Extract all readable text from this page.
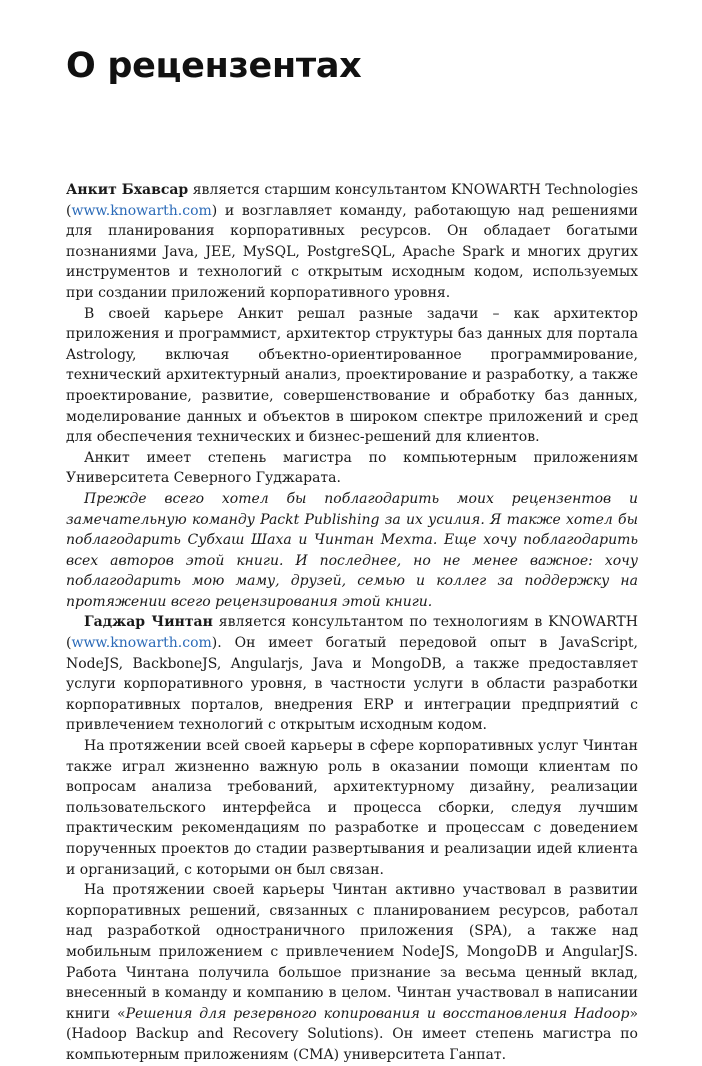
О рецензентах

Анкит Бхавсар является старшим консультантом KNOWARTH Technologies (www.knowarth.com) и возглавляет команду, работающую над решениями для планирования корпоративных ресурсов. Он обладает богатыми познаниями Java, JEE, MySQL, PostgreSQL, Apache Spark и многих других инструментов и технологий с открытым исходным кодом, используемых при создании приложений корпоративного уровня.

В своей карьере Анкит решал разные задачи – как архитектор приложения и программист, архитектор структуры баз данных для портала Astrology, включая объектно-ориентированное программирование, технический архитектурный анализ, проектирование и разработку, а также проектирование, развитие, совершенствование и обработку баз данных, моделирование данных и объектов в широком спектре приложений и сред для обеспечения технических и бизнес-решений для клиентов.

Анкит имеет степень магистра по компьютерным приложениям Университета Северного Гуджарата.

Прежде всего хотел бы поблагодарить моих рецензентов и замечательную команду Packt Publishing за их усилия. Я также хотел бы поблагодарить Субхаш Шаха и Чинтан Мехта. Еще хочу поблагодарить всех авторов этой книги. И последнее, но не менее важное: хочу поблагодарить мою маму, друзей, семью и коллег за поддержку на протяжении всего рецензирования этой книги.

Гаджар Чинтан является консультантом по технологиям в KNOWARTH (www.knowarth.com). Он имеет богатый передовой опыт в JavaScript, NodeJS, BackboneJS, Angularjs, Java и MongoDB, а также предоставляет услуги корпоративного уровня, в частности услуги в области разработки корпоративных порталов, внедрения ERP и интеграции предприятий с привлечением технологий с открытым исходным кодом.

На протяжении всей своей карьеры в сфере корпоративных услуг Чинтан также играл жизненно важную роль в оказании помощи клиентам по вопросам анализа требований, архитектурному дизайну, реализации пользовательского интерфейса и процесса сборки, следуя лучшим практическим рекомендациям по разработке и процессам с доведением порученных проектов до стадии развертывания и реализации идей клиента и организаций, с которыми он был связан.

На протяжении своей карьеры Чинтан активно участвовал в развитии корпоративных решений, связанных с планированием ресурсов, работал над разработкой одностраничного приложения (SPA), а также над мобильным приложением с привлечением NodeJS, MongoDB и AngularJS. Работа Чинтана получила большое признание за весьма ценный вклад, внесенный в команду и компанию в целом. Чинтан участвовал в написании книги «Решения для резервного копирования и восстановления Hadoop» (Hadoop Backup and Recovery Solutions). Он имеет степень магистра по компьютерным приложениям (CMA) университета Ганпат.
